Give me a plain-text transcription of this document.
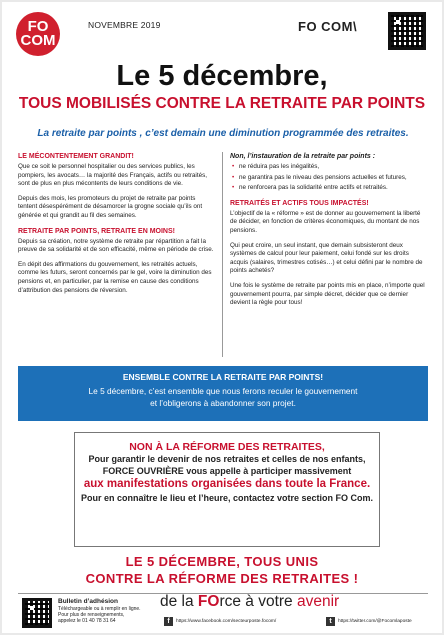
FO
COM
NOVEMBRE 2019	FO COM\
Le 5 décembre,
TOUS MOBILISÉS CONTRE LA RETRAITE PAR POINTS
La retraite par points , c’est demain une diminution programmée des retraites.
LE MÉCONTENTEMENT GRANDIT!

Que ce soit le personnel hospitalier ou des services publics, les pompiers, les avocats… la majorité des Français, actifs ou retraités, sont de plus en plus mécontents de leurs conditions de vie.

Depuis des mois, les promoteurs du projet de retraite par points tentent désespérément de désamorcer la grogne sociale qu’ils ont générée et qui grandit au fil des semaines.

RETRAITE PAR POINTS, RETRAITE EN MOINS!

Depuis sa création, notre système de retraite par répartition a fait la preuve de sa solidarité et de son efficacité, même en période de crise.

En dépit des affirmations du gouvernement, les retraités actuels, comme les futurs, seront concernés par le gel, voire la diminution des pensions et, en particulier, par la remise en cause des conditions d’attribution des pensions de réversion.

Non, l’instauration de la retraite par points :
• ne réduira pas les inégalités,
• ne garantira pas le niveau des pensions actuelles et futures,
• ne renforcera pas la solidarité entre actifs et retraités.
RETRAITÉS ET ACTIFS TOUS IMPACTÉS!

L’objectif de la « réforme » est de donner au gouvernement la liberté de décider, en fonction de critères économiques, du montant de nos pensions.

Qui peut croire, un seul instant, que demain subsisteront deux systèmes de calcul pour leur paiement, celui fondé sur les droits acquis (salaires, trimestres cotisés…) et celui défini par le nombre de points achetés?

Une fois le système de retraite par points mis en place, n’importe quel gouvernement pourra, par simple décret, décider que ce dernier devient la règle pour tous!

ENSEMBLE CONTRE LA RETRAITE PAR POINTS!
Le 5 décembre, c’est ensemble que nous ferons reculer le gouvernement
et l’obligerons à abandonner son projet.
NON À LA RÉFORME DES RETRAITES,
Pour garantir le devenir de nos retraites et celles de nos enfants,
FORCE OUVRIÈRE vous appelle à participer massivement
aux manifestations organisées dans toute la France.
Pour en connaître le lieu et l’heure, contactez votre section FO Com.
LE 5 DÉCEMBRE, TOUS UNIS
CONTRE LA RÉFORME DES RETRAITES !
Bulletin d’adhésion
Téléchargeable ou à remplir en ligne.
Pour plus de renseignements,
appelez le 01 40 78 31 64
de la FOrce à votre avenir
f	https://www.facebook.com/secteurposte.focom/	t	https://twitter.com/@Focomlaposte
